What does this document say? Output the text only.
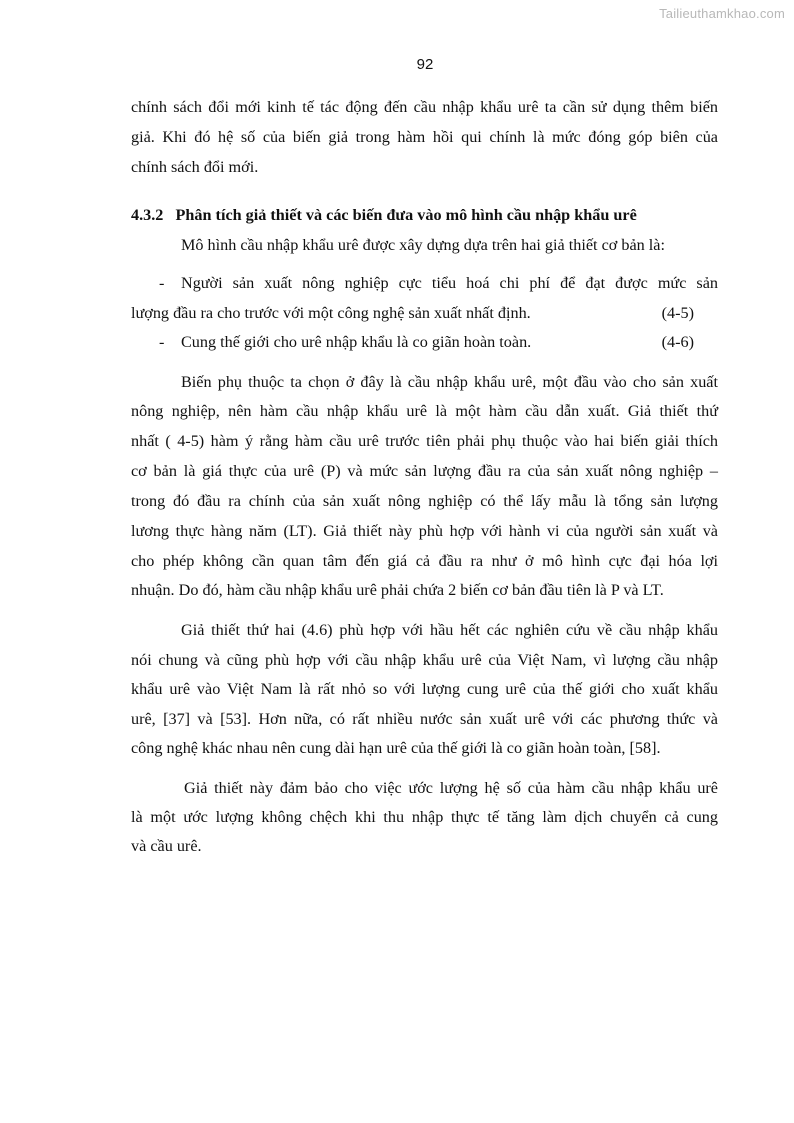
Tailieuthamkhao.com
92
chính sách đổi mới kinh tế tác động đến cầu nhập khẩu urê ta cần sử dụng thêm biến
giả. Khi đó hệ số của biến giả trong hàm hồi qui chính là mức đóng góp biên của
chính sách đổi mới.
4.3.2   Phân tích giả thiết và các biến đưa vào mô hình cầu nhập khẩu urê
Mô hình cầu nhập khẩu urê được xây dựng dựa trên hai giả thiết cơ bản là:
-	Người sản xuất nông nghiệp cực tiểu hoá chi phí để đạt được mức sản
lượng đầu ra cho trước với một công nghệ sản xuất nhất định.	(4-5)
-	Cung thế giới cho urê nhập khẩu là co giãn hoàn toàn.	(4-6)
Biến phụ thuộc ta chọn ở đây là cầu nhập khẩu urê, một đầu vào cho sản xuất
nông nghiệp, nên hàm cầu nhập khẩu urê là một hàm cầu dẫn xuất. Giả thiết thứ
nhất ( 4-5) hàm ý rằng hàm cầu urê trước tiên phải phụ thuộc vào hai biến giải thích
cơ bản là giá thực của urê (P) và mức sản lượng đầu ra của sản xuất nông nghiệp –
trong đó đầu ra chính của sản xuất nông nghiệp có thể lấy mẫu là tổng sản lượng
lương thực hàng năm (LT). Giả thiết này phù hợp với hành vi của người sản xuất và
cho phép không cần quan tâm đến giá cả đầu ra như ở mô hình cực đại hóa lợi
nhuận. Do đó, hàm cầu nhập khẩu urê phải chứa 2 biến cơ bản đầu tiên là P và LT.
Giả thiết thứ hai (4.6) phù hợp với hầu hết các nghiên cứu về cầu nhập khẩu
nói chung và cũng phù hợp với cầu nhập khẩu urê của Việt Nam, vì lượng cầu nhập
khẩu urê vào Việt Nam là rất nhỏ so với lượng cung urê của thế giới cho xuất khẩu
urê, [37] và [53]. Hơn nữa, có rất nhiều nước sản xuất urê với các phương thức và
công nghệ khác nhau nên cung dài hạn urê của thế giới là co giãn hoàn toàn, [58].
Giả thiết này đảm bảo cho việc ước lượng hệ số của hàm cầu nhập khẩu urê
là một ước lượng không chệch khi thu nhập thực tế tăng làm dịch chuyển cả cung
và cầu urê.
